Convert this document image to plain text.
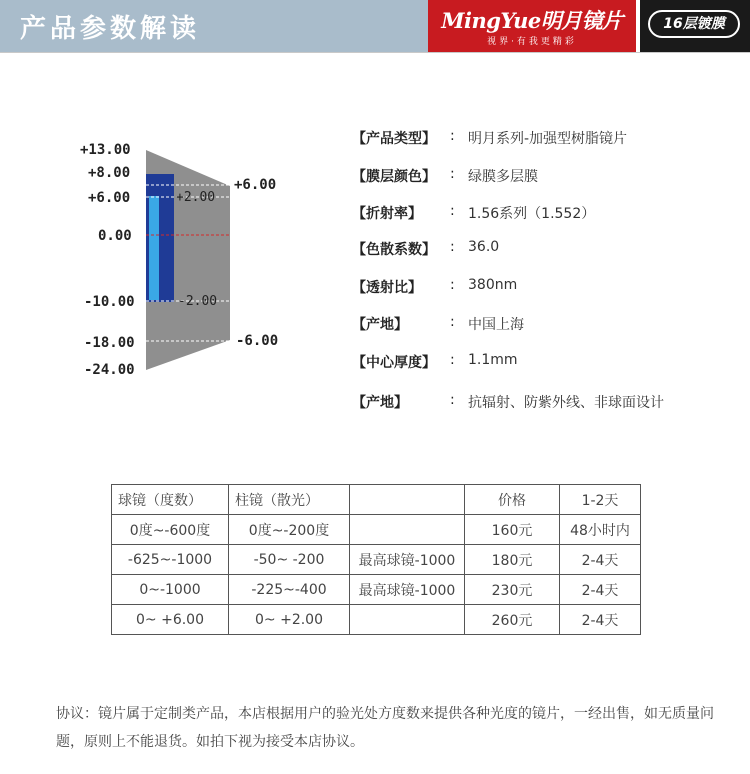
产品参数解读	MingYue明月镜片
视界·有我更精彩
16层镀膜
+13.00
+8.00
+6.00
0.00
-10.00
-18.00
-24.00
+6.00
-6.00
+2.00
-2.00
【产品类型】 : 明月系列-加强型树脂镜片
【膜层颜色】 : 绿膜多层膜
【折射率】 : 1.56系列（1.552）
【色散系数】 : 36.0
【透射比】 : 380nm
【产地】	: 中国上海
【中心厚度】 : 1.1mm
【产地】	: 抗辐射、防紫外线、非球面设计
球镜（度数）	柱镜（散光）		价格	1-2天
0度~-600度	0度~-200度		160元	48小时内
-625~-1000	-50~ -200	最高球镜-1000	180元	2-4天
0~-1000	-225~-400	最高球镜-1000	230元	2-4天
0~ +6.00	0~ +2.00		260元	2-4天
协议：镜片属于定制类产品，本店根据用户的验光处方度数来提供各种光度的镜片，一经出售，如无质量问题，原则上不能退货。如拍下视为接受本店协议。
